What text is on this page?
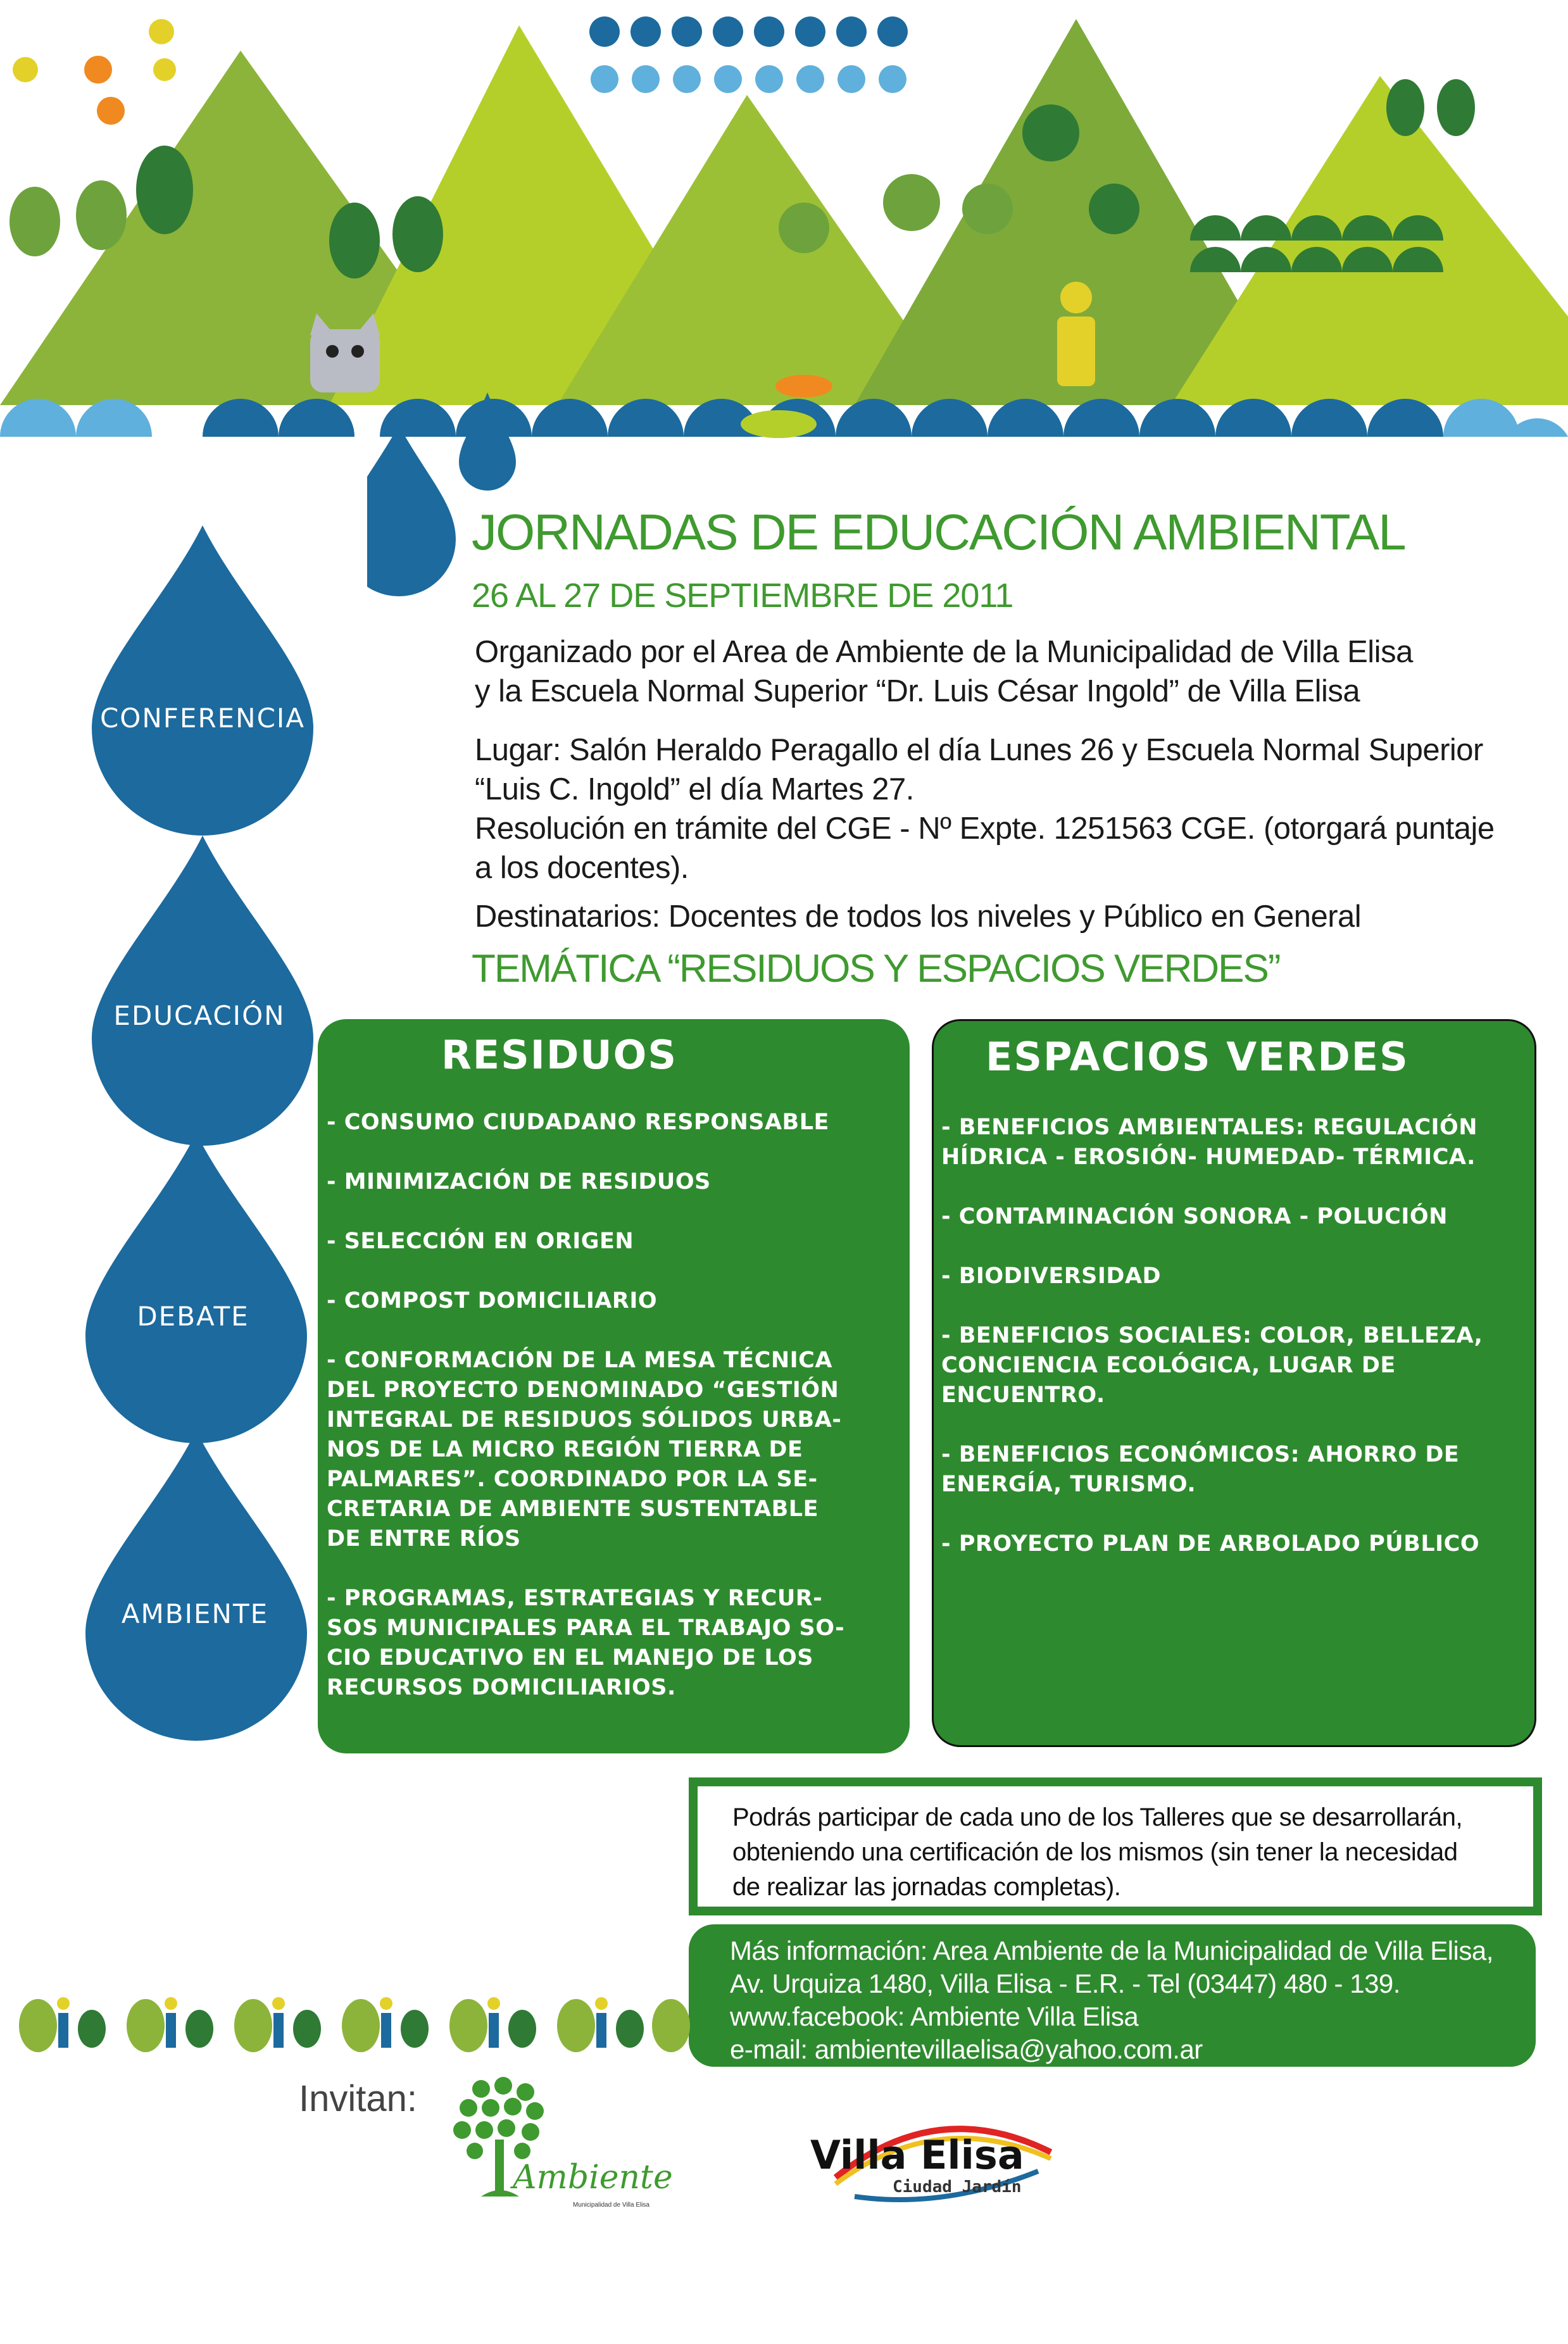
CONFERENCIA
EDUCACIÓN
DEBATE
AMBIENTE
JORNADAS DE EDUCACIÓN AMBIENTAL
26 AL 27 DE SEPTIEMBRE DE 2011
Organizado por el Area de Ambiente de la Municipalidad de Villa Elisa
y la Escuela Normal Superior “Dr. Luis César Ingold” de Villa Elisa
Lugar: Salón Heraldo Peragallo el día Lunes 26 y Escuela Normal Superior
“Luis C. Ingold” el día Martes 27.
Resolución en trámite del CGE - Nº Expte. 1251563 CGE. (otorgará puntaje
a los docentes).
Destinatarios: Docentes de todos los niveles y Público en General
TEMÁTICA “RESIDUOS Y ESPACIOS VERDES”
RESIDUOS
- CONSUMO CIUDADANO RESPONSABLE
- MINIMIZACIÓN DE RESIDUOS
- SELECCIÓN EN ORIGEN
- COMPOST DOMICILIARIO
- CONFORMACIÓN DE LA MESA TÉCNICA
DEL PROYECTO DENOMINADO “GESTIÓN
INTEGRAL DE RESIDUOS SÓLIDOS URBA-
NOS DE LA MICRO REGIÓN TIERRA DE
PALMARES”. COORDINADO POR LA SE-
CRETARIA DE AMBIENTE SUSTENTABLE
DE ENTRE RÍOS
- PROGRAMAS, ESTRATEGIAS Y RECUR-
SOS MUNICIPALES PARA EL TRABAJO SO-
CIO EDUCATIVO EN EL MANEJO DE LOS
RECURSOS DOMICILIARIOS.
ESPACIOS VERDES
- BENEFICIOS AMBIENTALES: REGULACIÓN
HÍDRICA - EROSIÓN- HUMEDAD- TÉRMICA.
- CONTAMINACIÓN SONORA - POLUCIÓN
- BIODIVERSIDAD
- BENEFICIOS SOCIALES: COLOR, BELLEZA,
CONCIENCIA ECOLÓGICA, LUGAR DE
ENCUENTRO.
- BENEFICIOS ECONÓMICOS: AHORRO DE
ENERGÍA, TURISMO.
- PROYECTO PLAN DE ARBOLADO PÚBLICO
Podrás participar de cada uno de los Talleres que se desarrollarán,
obteniendo una certificación de los mismos (sin tener la necesidad
de realizar las jornadas completas).
Más información: Area Ambiente de la Municipalidad de Villa Elisa,
Av. Urquiza 1480, Villa Elisa - E.R. - Tel (03447) 480 - 139.
www.facebook: Ambiente Villa Elisa
e-mail: ambientevillaelisa@yahoo.com.ar
Invitan:
Ambiente
Municipalidad de Villa Elisa
Villa Elisa
Ciudad Jardín
